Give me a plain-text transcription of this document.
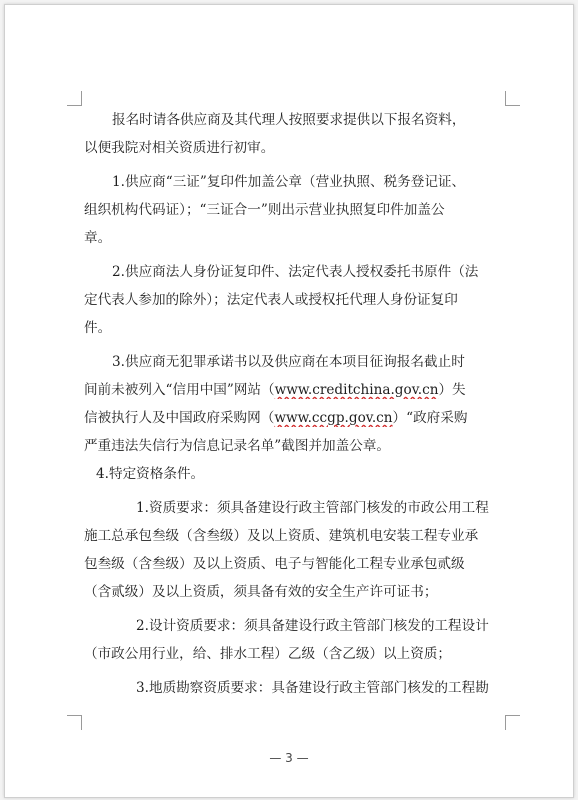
报名时请各供应商及其代理人按照要求提供以下报名资料，
以便我院对相关资质进行初审。
1.供应商“三证”复印件加盖公章（营业执照、税务登记证、
组织机构代码证）；“三证合一”则出示营业执照复印件加盖公
章。
2.供应商法人身份证复印件、法定代表人授权委托书原件（法
定代表人参加的除外）；法定代表人或授权托代理人身份证复印
件。
3.供应商无犯罪承诺书以及供应商在本项目征询报名截止时
间前未被列入“信用中国”网站（www.creditchina.gov.cn）失
信被执行人及中国政府采购网（www.ccgp.gov.cn）“政府采购
严重违法失信行为信息记录名单”截图并加盖公章。
4.特定资格条件。
1.资质要求：须具备建设行政主管部门核发的市政公用工程
施工总承包叁级（含叁级）及以上资质、建筑机电安装工程专业承
包叁级（含叁级）及以上资质、电子与智能化工程专业承包贰级
（含贰级）及以上资质，须具备有效的安全生产许可证书；
2.设计资质要求：须具备建设行政主管部门核发的工程设计
（市政公用行业，给、排水工程）乙级（含乙级）以上资质；
3.地质勘察资质要求：具备建设行政主管部门核发的工程勘
— 3 —
